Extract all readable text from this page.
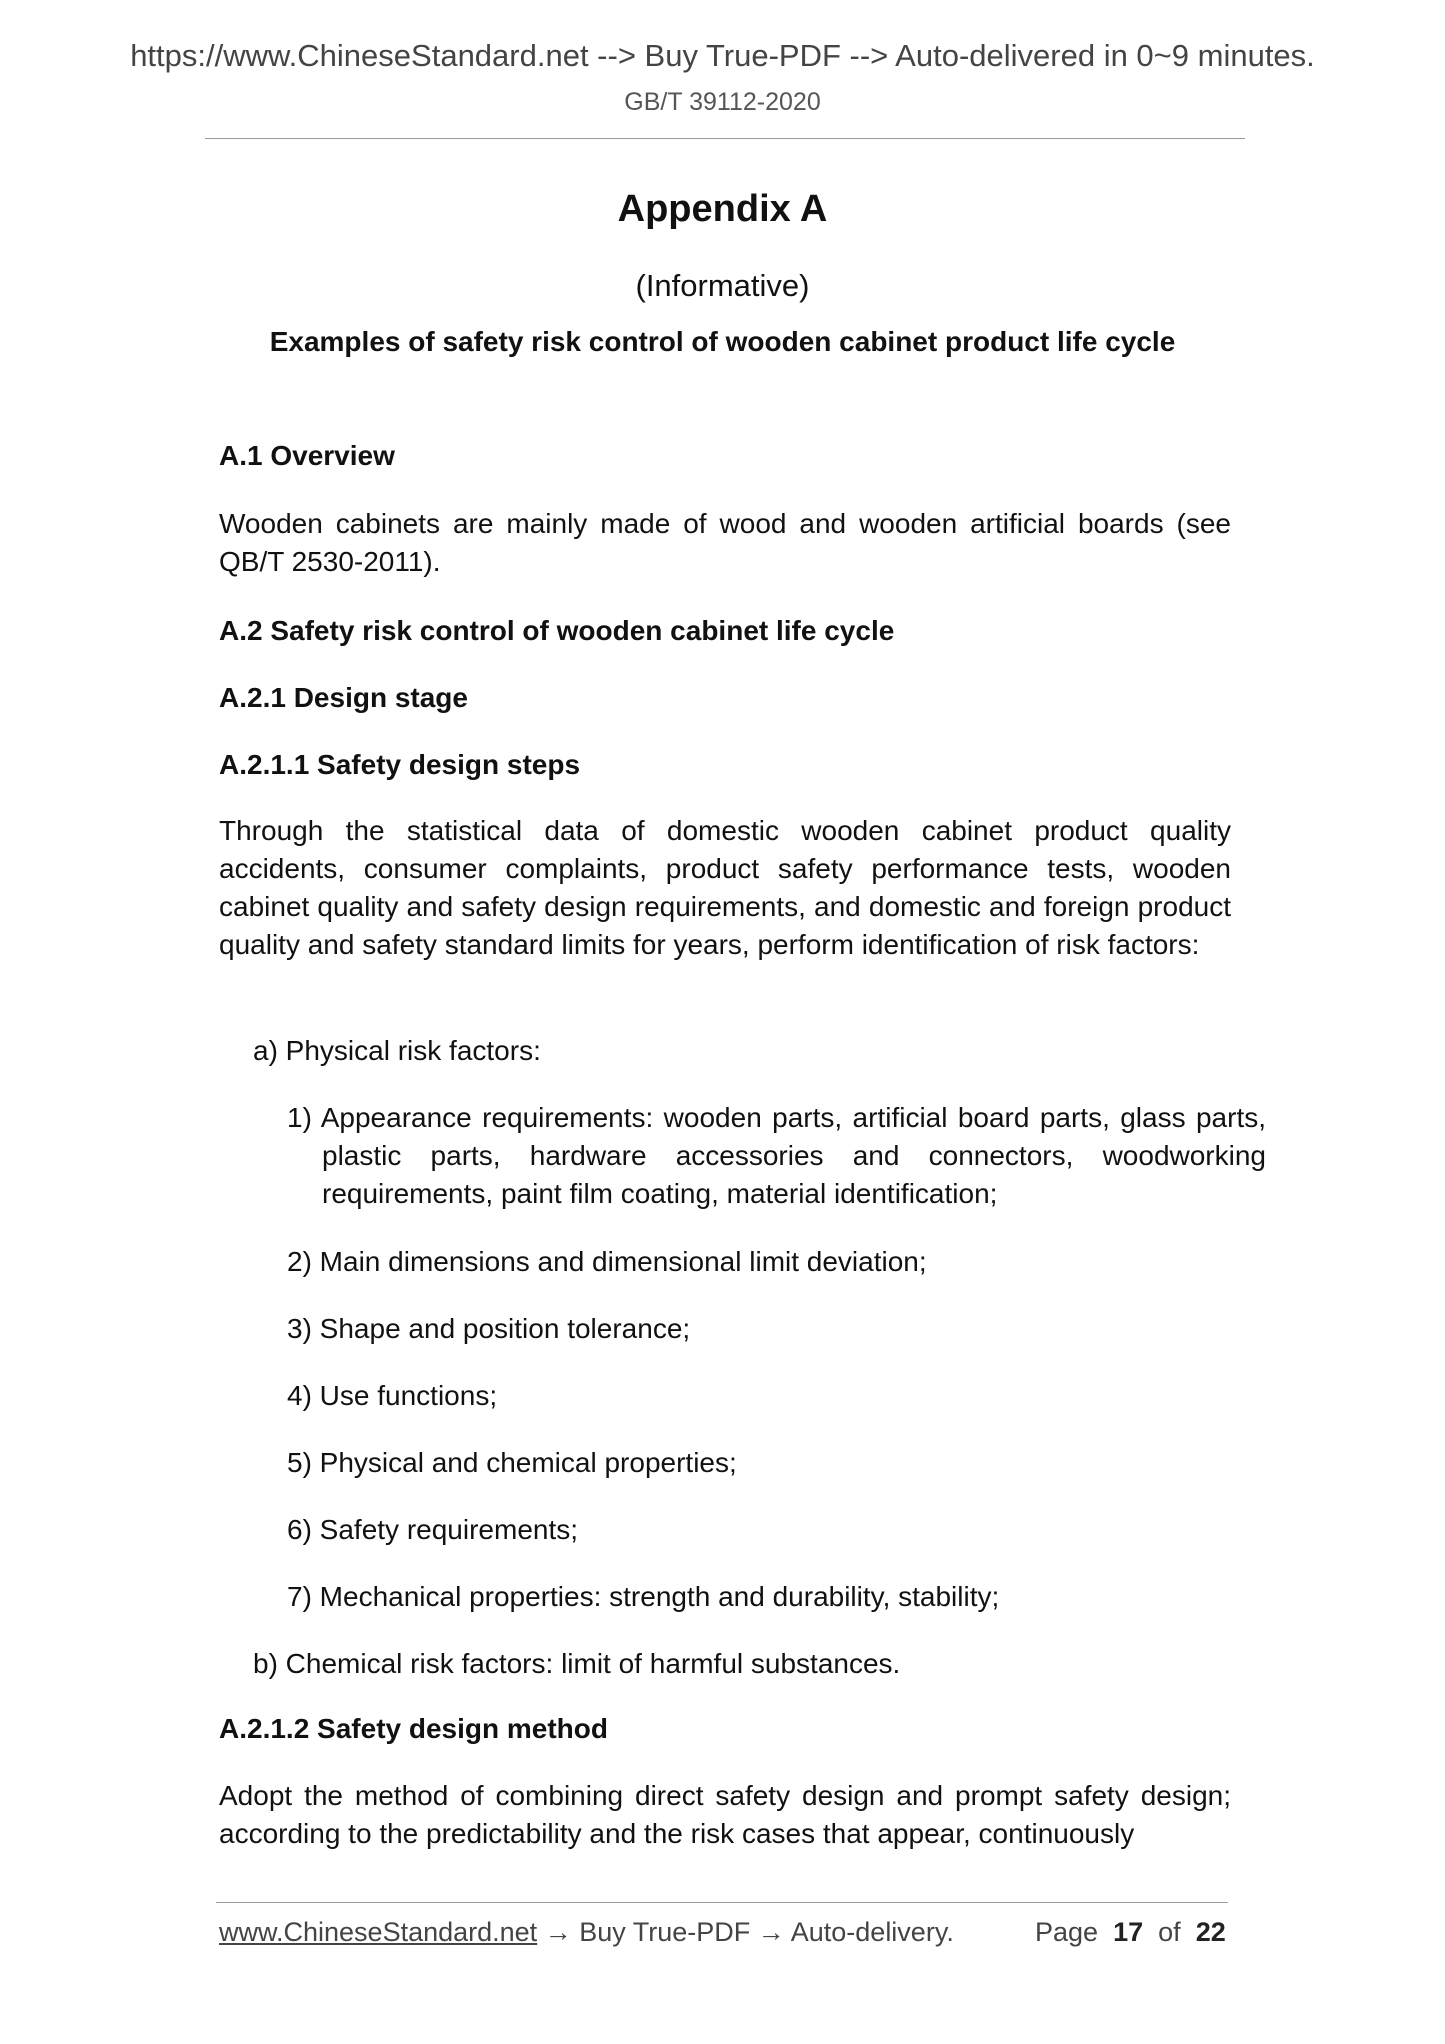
https://www.ChineseStandard.net --> Buy True-PDF --> Auto-delivered in 0~9 minutes.
GB/T 39112-2020
Appendix A
(Informative)
Examples of safety risk control of wooden cabinet product life cycle
A.1 Overview
Wooden cabinets are mainly made of wood and wooden artificial boards (see QB/T 2530-2011).
A.2 Safety risk control of wooden cabinet life cycle
A.2.1 Design stage
A.2.1.1 Safety design steps
Through the statistical data of domestic wooden cabinet product quality accidents, consumer complaints, product safety performance tests, wooden cabinet quality and safety design requirements, and domestic and foreign product quality and safety standard limits for years, perform identification of risk factors:
a) Physical risk factors:
1) Appearance requirements: wooden parts, artificial board parts, glass parts, plastic parts, hardware accessories and connectors, woodworking requirements, paint film coating, material identification;
2) Main dimensions and dimensional limit deviation;
3) Shape and position tolerance;
4) Use functions;
5) Physical and chemical properties;
6) Safety requirements;
7) Mechanical properties: strength and durability, stability;
b) Chemical risk factors: limit of harmful substances.
A.2.1.2 Safety design method
Adopt the method of combining direct safety design and prompt safety design; according to the predictability and the risk cases that appear, continuously
www.ChineseStandard.net → Buy True-PDF → Auto-delivery.	Page 17 of 22
